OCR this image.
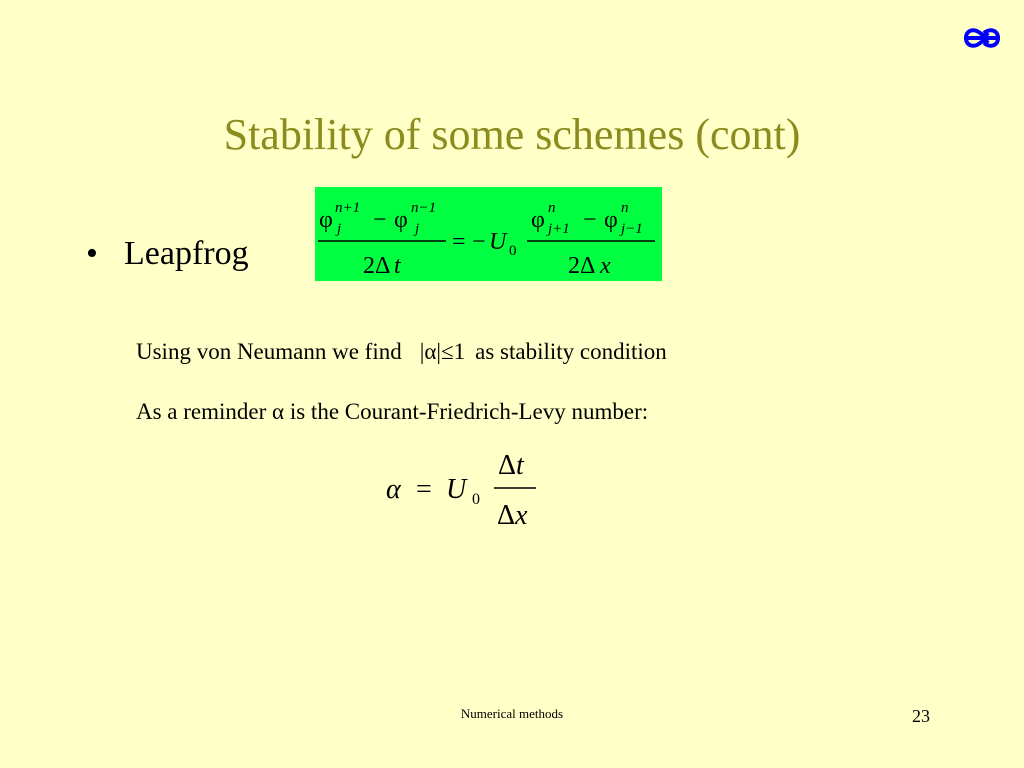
Stability of some schemes (cont)
• Leapfrog
φ n+1
j − φ n−1
j
2Δ t
= − U 0
φ n
j+1 − φ n
j−1
2Δ x
Using von Neumann we find |α|≤1 as stability condition
As a reminder α is the Courant-Friedrich-Levy number:
α = U 0
Δ t
Δ x
Numerical methods	23
